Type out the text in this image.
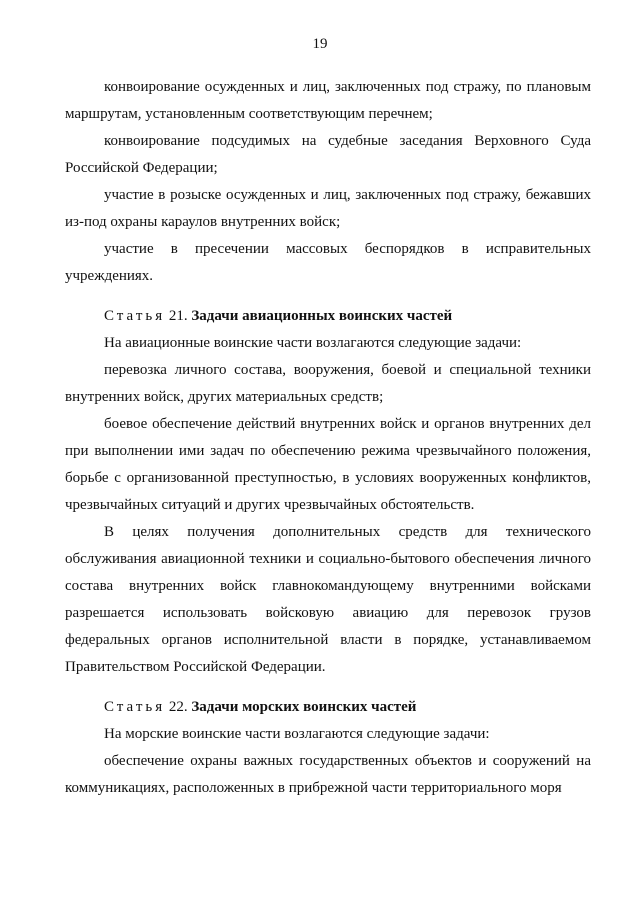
19

конвоирование осужденных и лиц, заключенных под стражу, по плановым маршрутам, установленным соответствующим перечнем;

конвоирование подсудимых на судебные заседания Верховного Суда Российской Федерации;

участие в розыске осужденных и лиц, заключенных под стражу, бежавших из-под охраны караулов внутренних войск;

участие в пресечении массовых беспорядков в исправительных учреждениях.

Статья 21. Задачи авиационных воинских частей

На авиационные воинские части возлагаются следующие задачи:

перевозка личного состава, вооружения, боевой и специальной техники внутренних войск, других материальных средств;

боевое обеспечение действий внутренних войск и органов внутренних дел при выполнении ими задач по обеспечению режима чрезвычайного положения, борьбе с организованной преступностью, в условиях вооруженных конфликтов, чрезвычайных ситуаций и других чрезвычайных обстоятельств.

В целях получения дополнительных средств для технического обслуживания авиационной техники и социально-бытового обеспечения личного состава внутренних войск главнокомандующему внутренними войсками разрешается использовать войсковую авиацию для перевозок грузов федеральных органов исполнительной власти в порядке, устанавливаемом Правительством Российской Федерации.

Статья 22. Задачи морских воинских частей

На морские воинские части возлагаются следующие задачи:

обеспечение охраны важных государственных объектов и сооружений на коммуникациях, расположенных в прибрежной части территориального моря
